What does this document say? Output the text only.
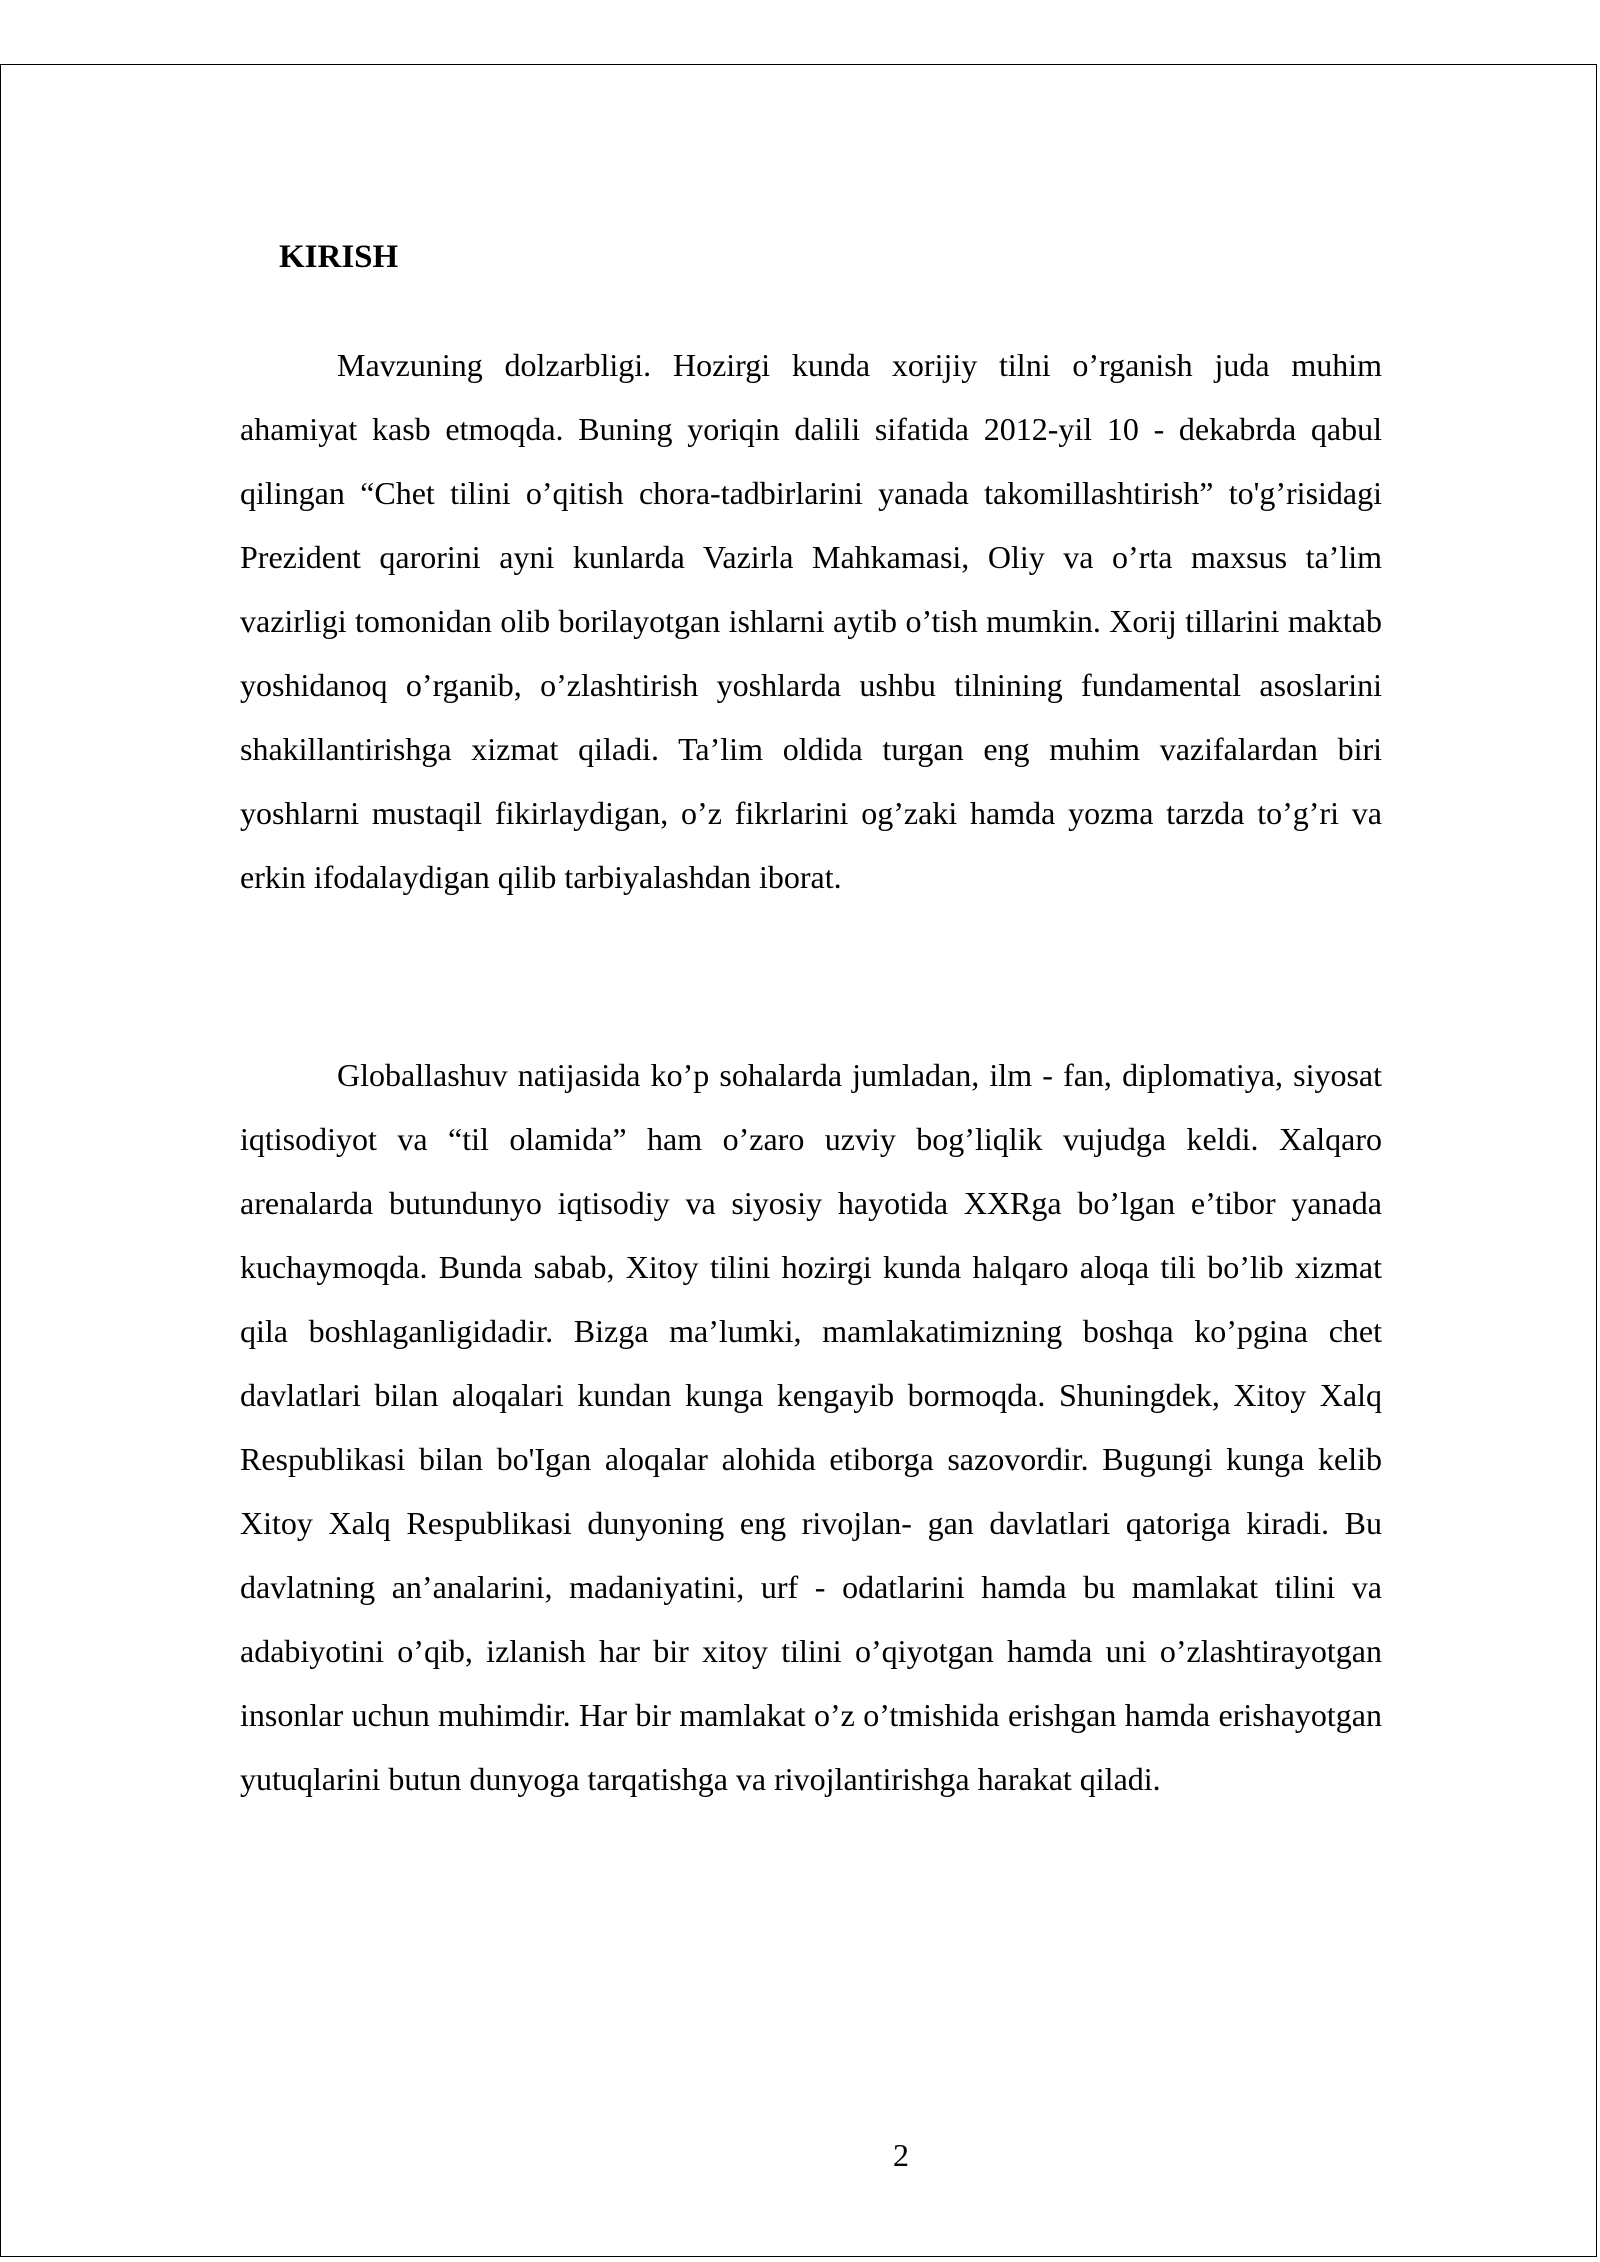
KIRISH

Mavzuning dolzarbligi. Hozirgi kunda xorijiy tilni o’rganish juda muhim ahamiyat kasb etmoqda. Buning yoriqin dalili sifatida 2012-yil 10 - dekabrda qabul qilingan “Chet tilini o’qitish chora-tadbirlarini yanada takomillashtirish” to'g’risidagi Prezident qarorini ayni kunlarda Vazirla Mahkamasi, Oliy va o’rta maxsus ta’lim vazirligi tomonidan olib borilayotgan ishlarni aytib o’tish mumkin. Xorij tillarini maktab yoshidanoq o’rganib, o’zlashtirish yoshlarda ushbu tilnining fundamental asoslarini shakillantirishga xizmat qiladi. Ta’lim oldida turgan eng muhim vazifalardan biri yoshlarni mustaqil fikirlaydigan, o’z fikrlarini og’zaki hamda yozma tarzda to’g’ri va erkin ifodalaydigan qilib tarbiyalashdan iborat.

Globallashuv natijasida ko’p sohalarda jumladan, ilm - fan, diplomatiya, siyosat iqtisodiyot va “til olamida” ham o’zaro uzviy bog’liqlik vujudga keldi. Xalqaro arenalarda butundunyo iqtisodiy va siyosiy hayotida XXRga bo’lgan e’tibor yanada kuchaymoqda. Bunda sabab, Xitoy tilini hozirgi kunda halqaro aloqa tili bo’lib xizmat qila boshlaganligidadir. Bizga ma’lumki, mamlakatimizning boshqa ko’pgina chet davlatlari bilan aloqalari kundan kunga kengayib bormoqda. Shuningdek, Xitoy Xalq Respublikasi bilan bo'Igan aloqalar alohida etiborga sazovordir. Bugungi kunga kelib Xitoy Xalq Respublikasi dunyoning eng rivojlan- gan davlatlari qatoriga kiradi. Bu davlatning an’analarini, madaniyatini, urf - odatlarini hamda bu mamlakat tilini va adabiyotini o’qib, izlanish har bir xitoy tilini o’qiyotgan hamda uni o’zlashtirayotgan insonlar uchun muhimdir. Har bir mamlakat o’z o’tmishida erishgan hamda erishayotgan yutuqlarini butun dunyoga tarqatishga va rivojlantirishga harakat qiladi.

2
